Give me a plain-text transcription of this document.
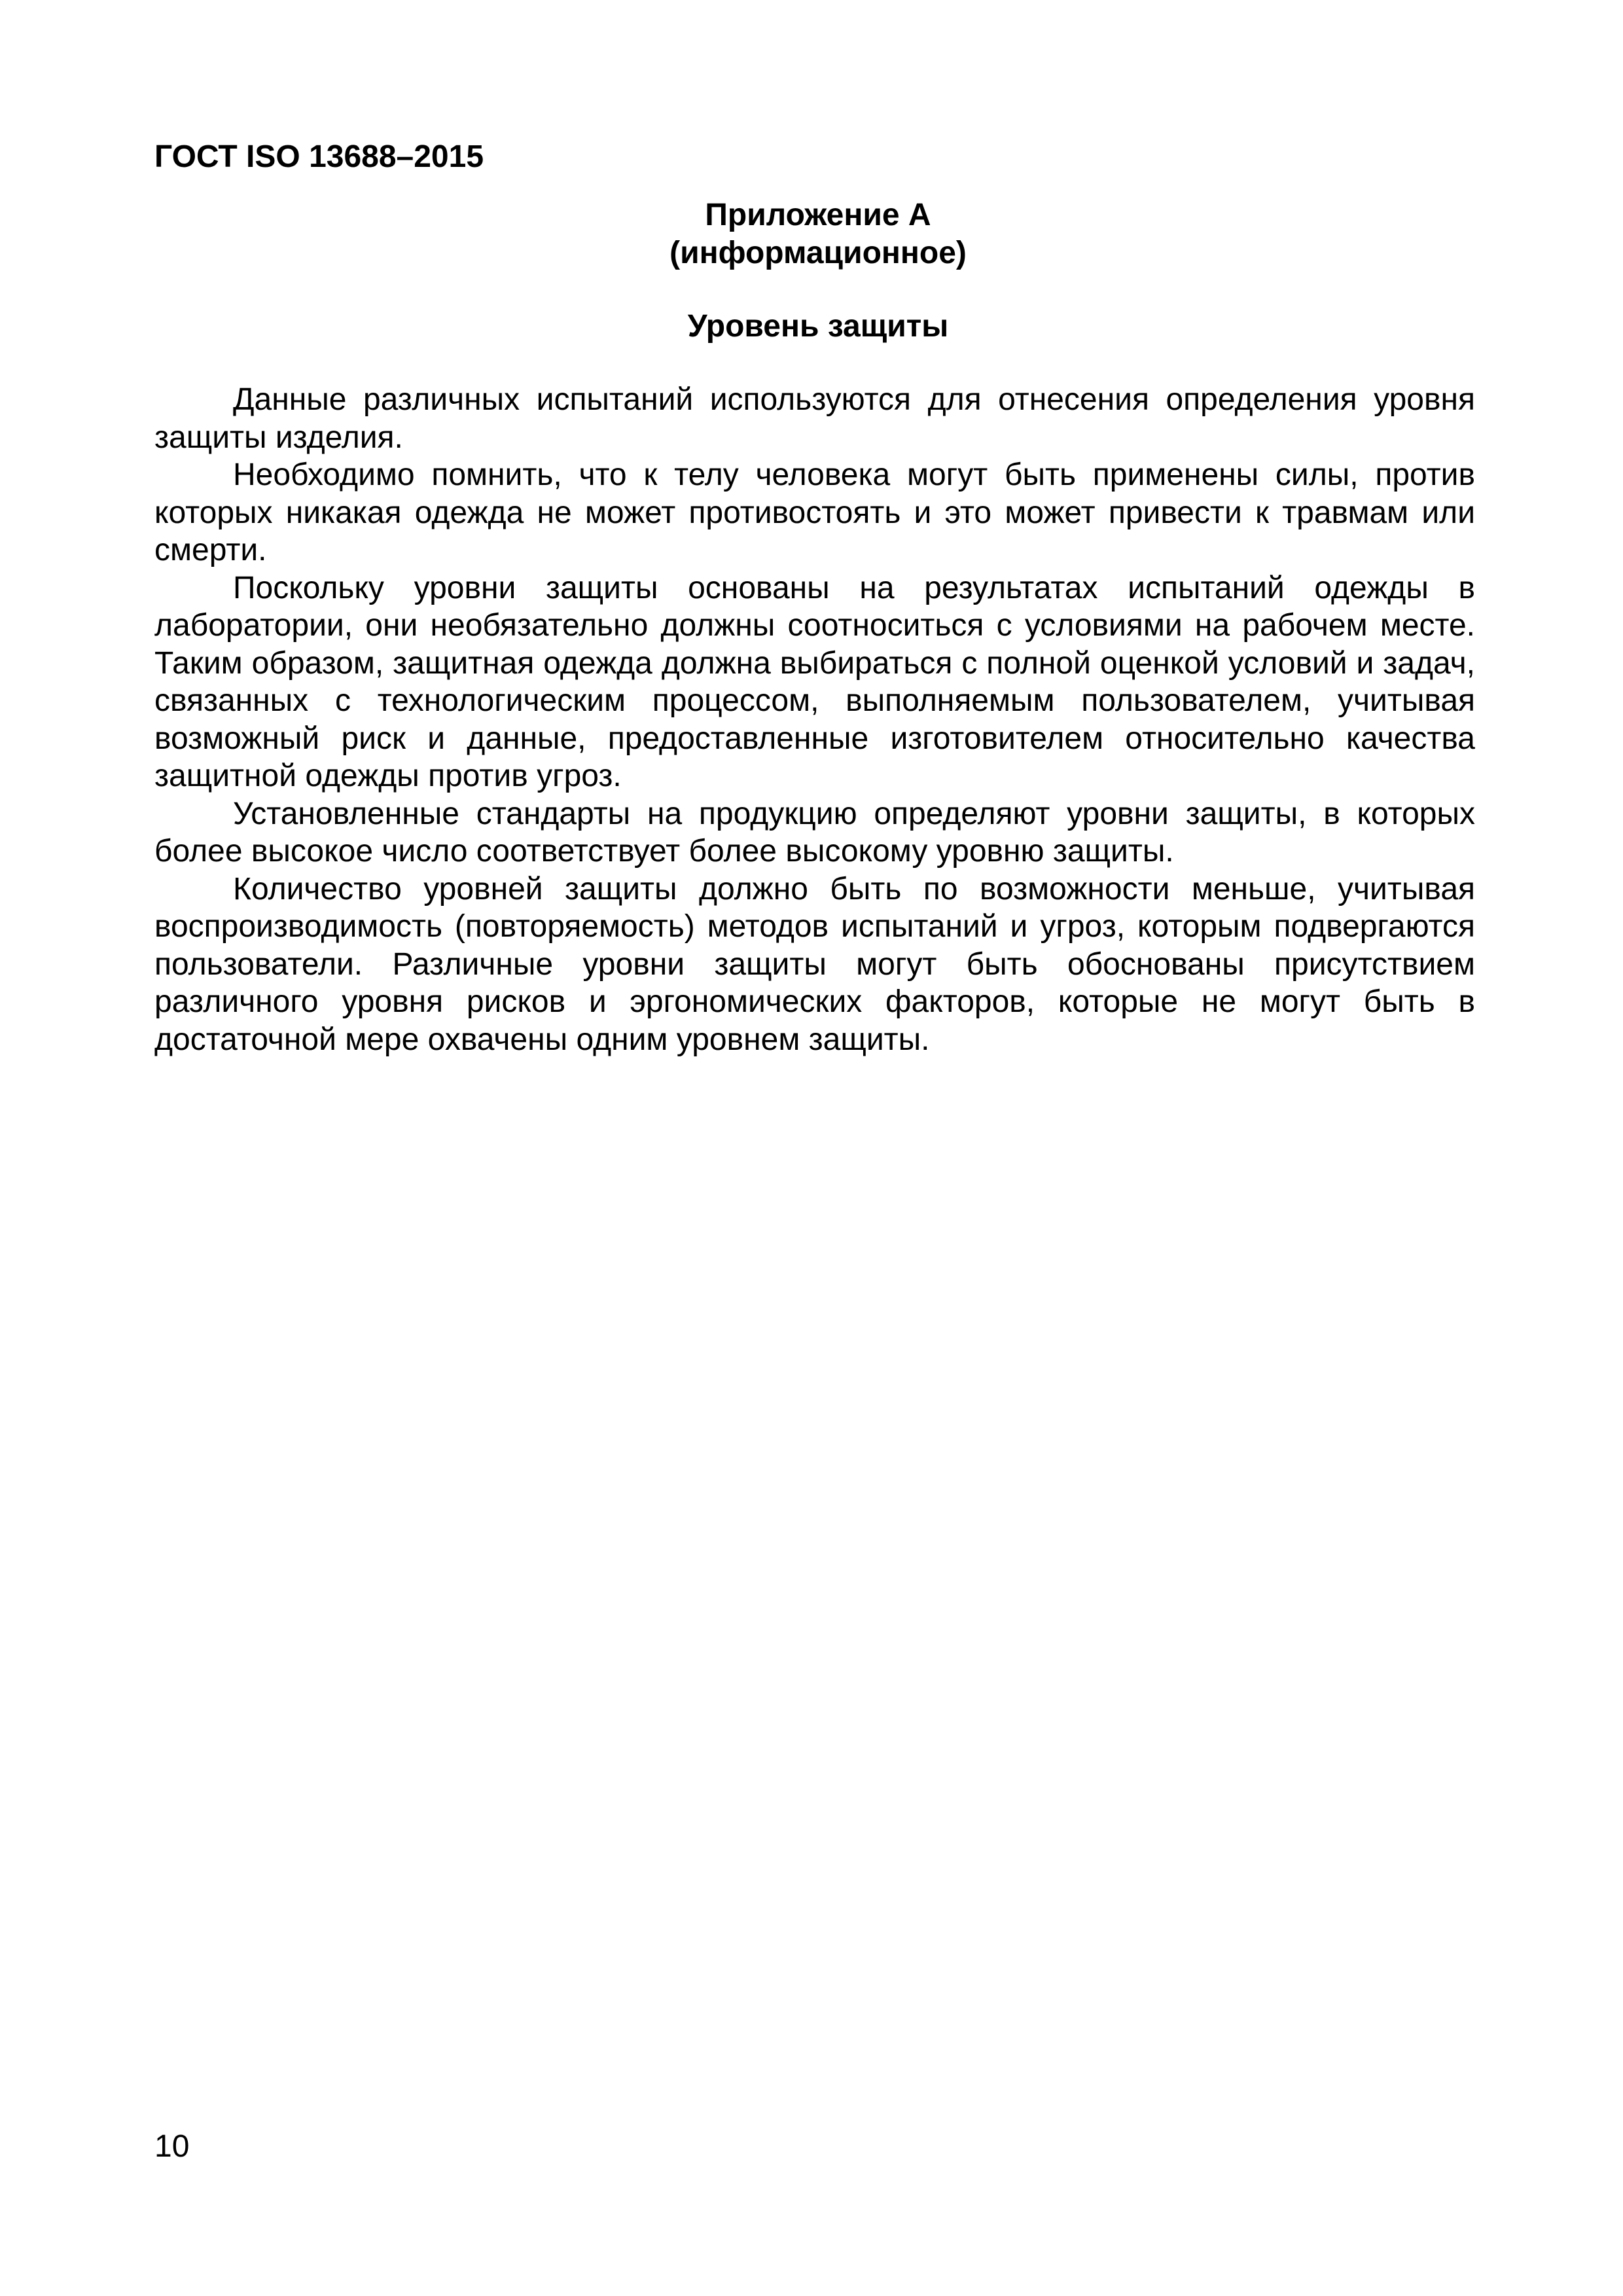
ГОСТ ISO 13688–2015
Приложение А
(информационное)
Уровень защиты

Данные различных испытаний используются для отнесения определения уровня защиты изделия.

Необходимо помнить, что к телу человека могут быть применены силы, против которых никакая одежда не может противостоять и это может привести к травмам или смерти.

Поскольку уровни защиты основаны на результатах испытаний одежды в лаборатории, они необязательно должны соотноситься с условиями на рабочем месте. Таким образом, защитная одежда должна выбираться с полной оценкой условий и задач, связанных с технологическим процессом, выполняемым пользователем, учитывая возможный риск и данные, предоставленные изготовителем относительно качества защитной одежды против угроз.

Установленные стандарты на продукцию определяют уровни защиты, в которых более высокое число соответствует более высокому уровню защиты.

Количество уровней защиты должно быть по возможности меньше, учитывая воспроизводимость (повторяемость) методов испытаний и угроз, которым подвергаются пользователи. Различные уровни защиты могут быть обоснованы присутствием различного уровня рисков и эргономических факторов, которые не могут быть в достаточной мере охвачены одним уровнем защиты.

10
